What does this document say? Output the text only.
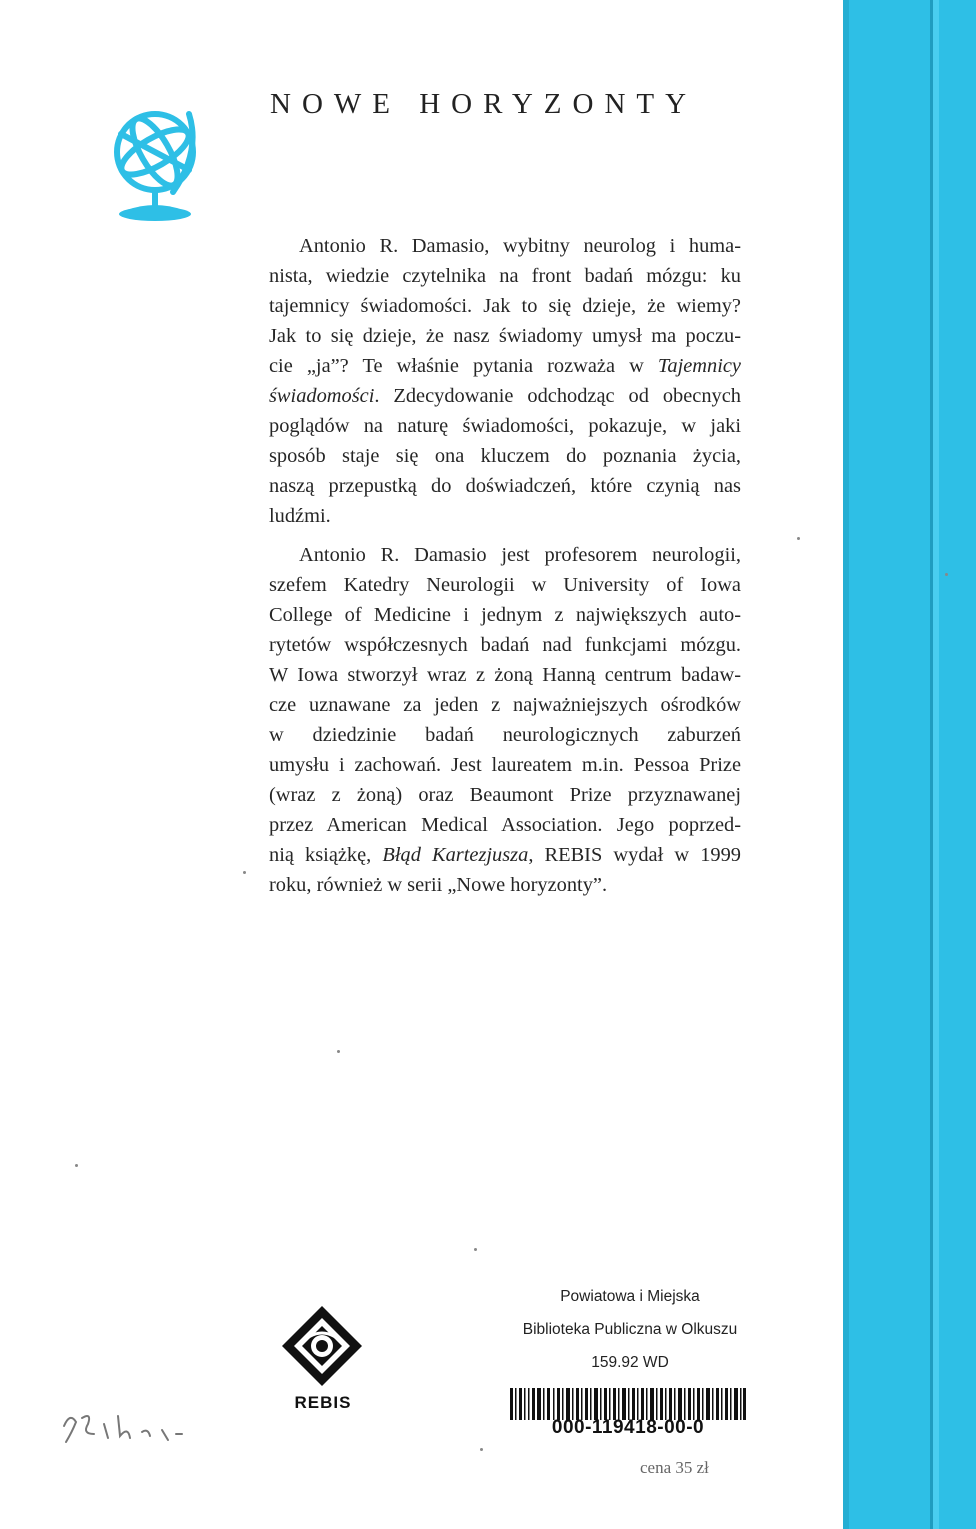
NOWE HORYZONTY
Antonio R. Damasio, wybitny neurolog i huma-
nista, wiedzie czytelnika na front badań mózgu: ku
tajemnicy świadomości. Jak to się dzieje, że wiemy?
Jak to się dzieje, że nasz świadomy umysł ma poczu-
cie „ja”? Te właśnie pytania rozważa w Tajemnicy
świadomości. Zdecydowanie odchodząc od obecnych
poglądów na naturę świadomości, pokazuje, w jaki
sposób staje się ona kluczem do poznania życia,
naszą przepustką do doświadczeń, które czynią nas
ludźmi.
Antonio R. Damasio jest profesorem neurologii,
szefem Katedry Neurologii w University of Iowa
College of Medicine i jednym z największych auto-
rytetów współczesnych badań nad funkcjami mózgu.
W Iowa stworzył wraz z żoną Hanną centrum badaw-
cze uznawane za jeden z najważniejszych ośrodków
w dziedzinie badań neurologicznych zaburzeń
umysłu i zachowań. Jest laureatem m.in. Pessoa Prize
(wraz z żoną) oraz Beaumont Prize przyznawanej
przez American Medical Association. Jego poprzed-
nią książkę, Błąd Kartezjusza, REBIS wydał w 1999
roku, również w serii „Nowe horyzonty”.
REBIS
Powiatowa i Miejska
Biblioteka Publiczna w Olkuszu
159.92 WD
000-119418-00-0
cena 35 zł
